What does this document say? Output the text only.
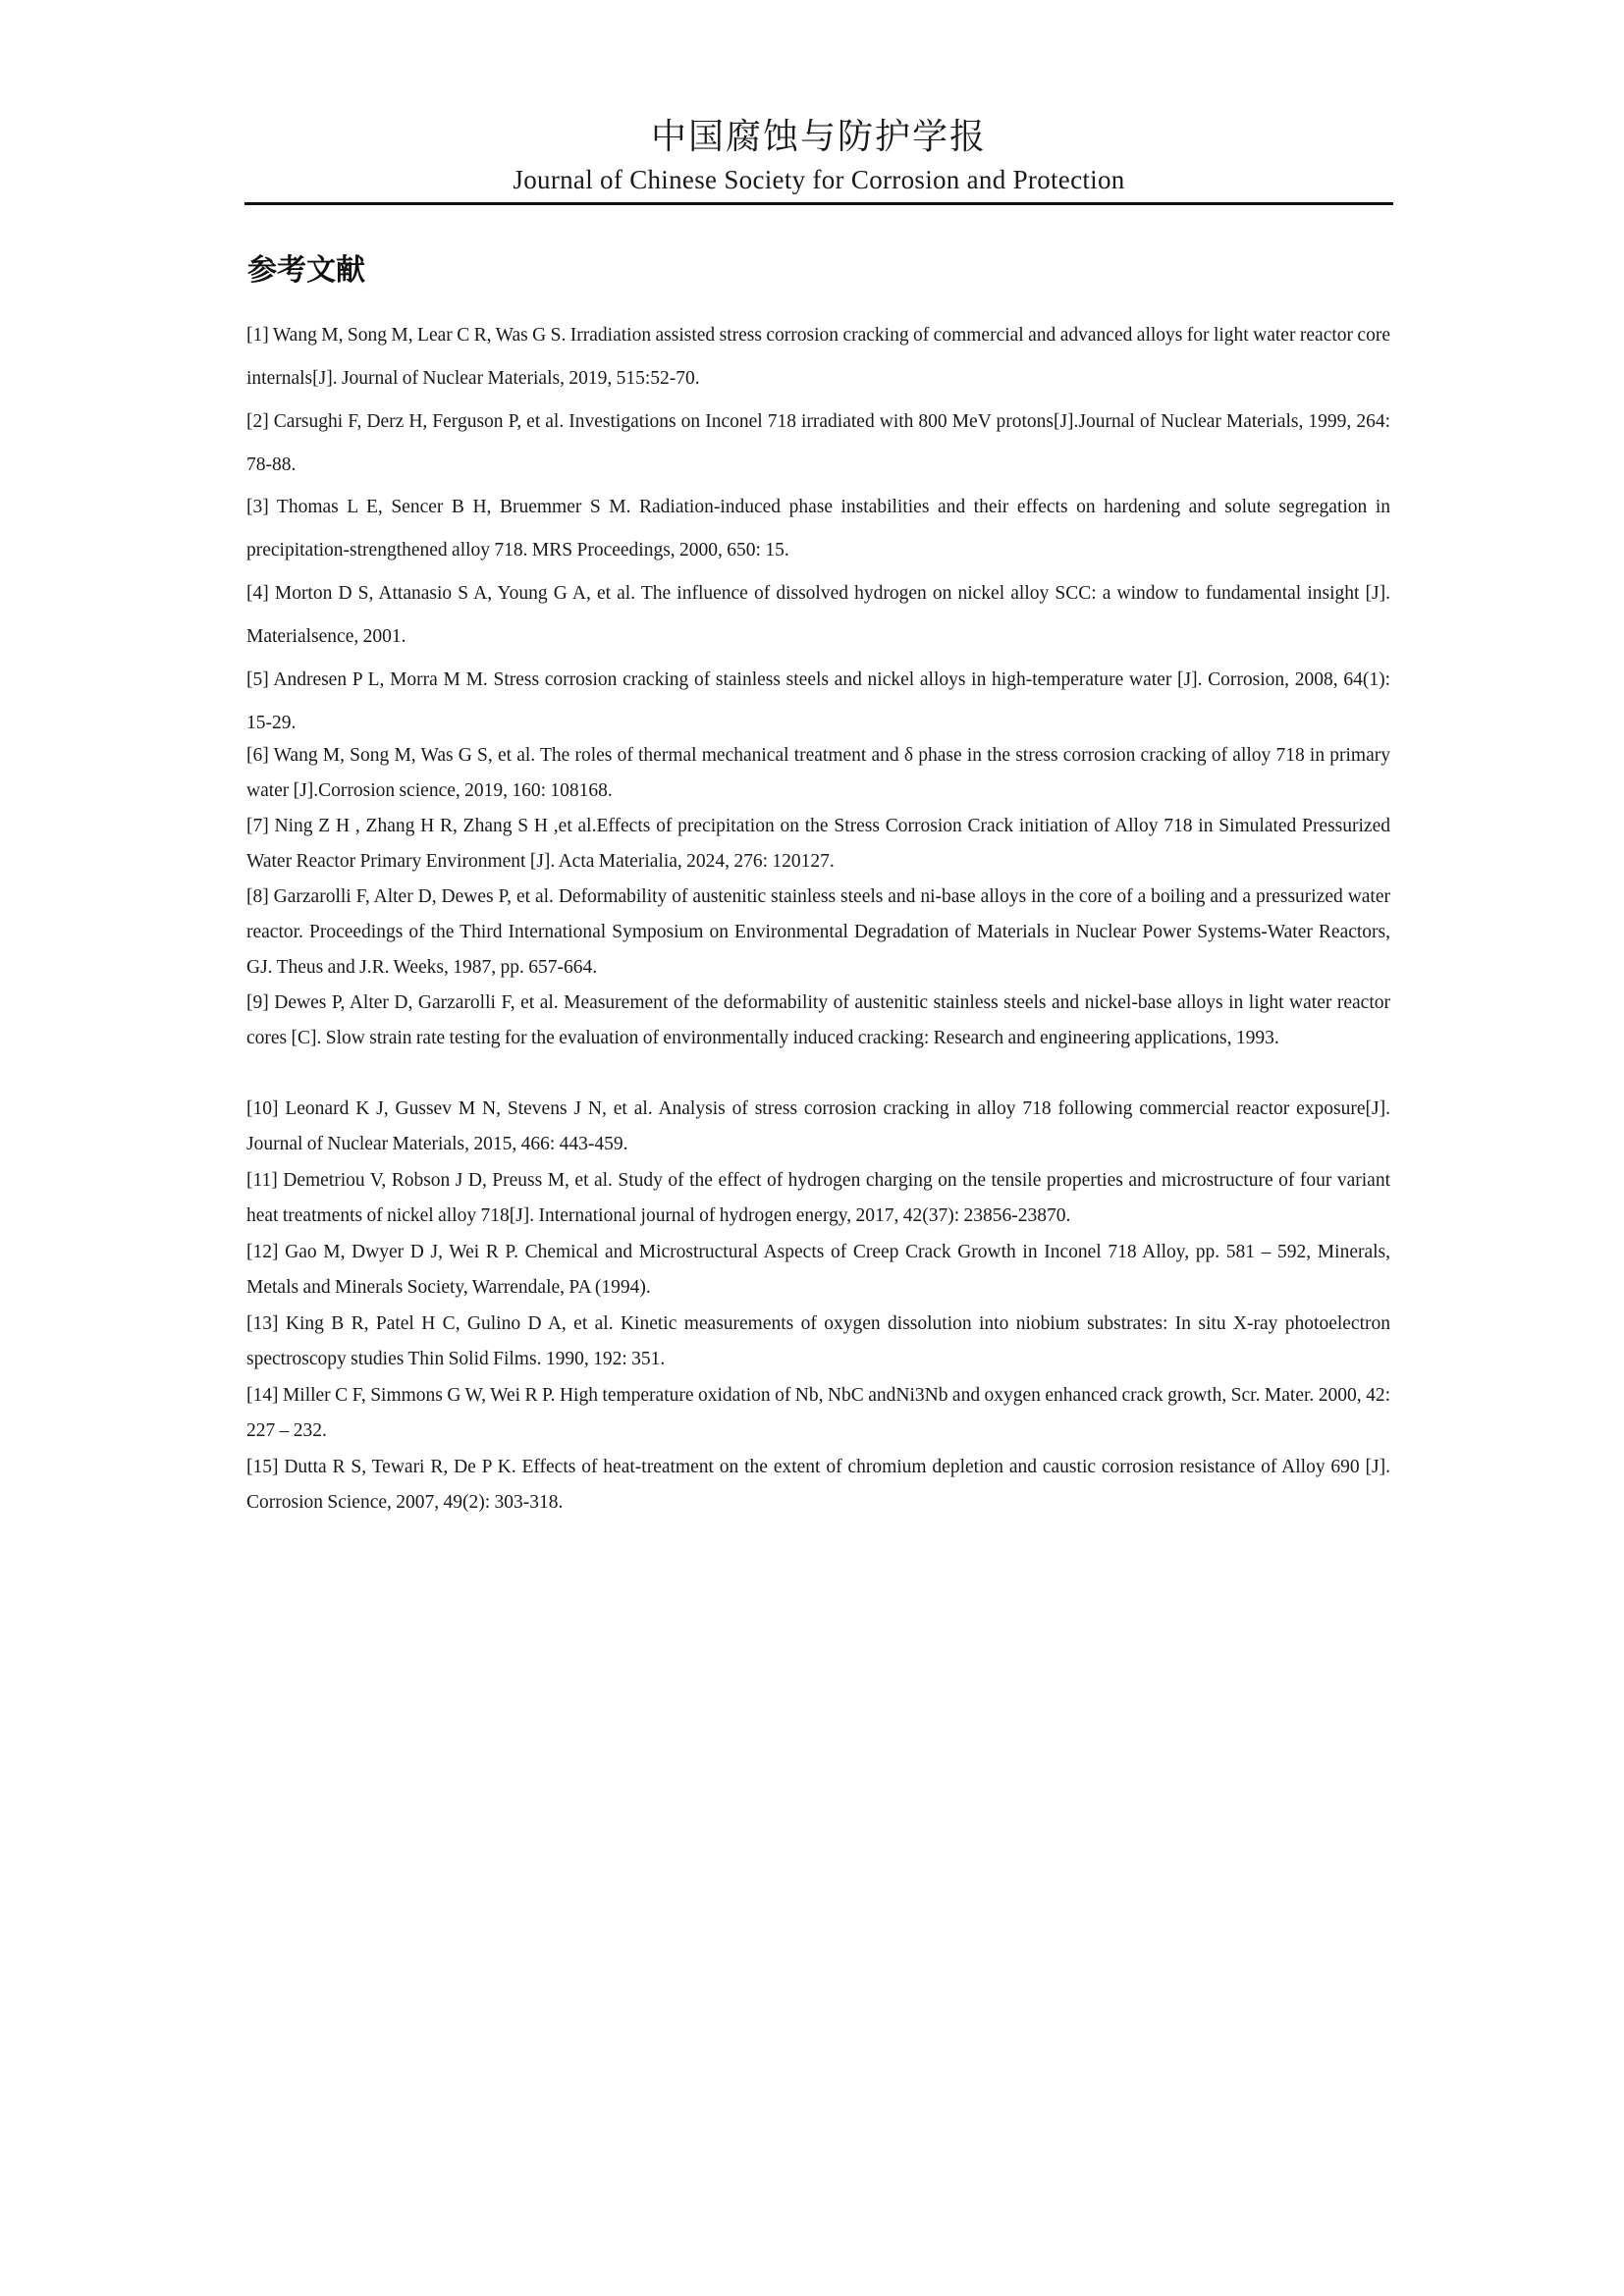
中国腐蚀与防护学报
Journal of Chinese Society for Corrosion and Protection
参考文献
[1] Wang M, Song M, Lear C R, Was G S. Irradiation assisted stress corrosion cracking of commercial and advanced alloys for light water reactor core internals[J]. Journal of Nuclear Materials, 2019, 515:52-70.
[2] Carsughi F, Derz H, Ferguson P, et al. Investigations on Inconel 718 irradiated with 800 MeV protons[J].Journal of Nuclear Materials, 1999, 264: 78-88.
[3] Thomas L E, Sencer B H, Bruemmer S M. Radiation-induced phase instabilities and their effects on hardening and solute segregation in precipitation-strengthened alloy 718. MRS Proceedings, 2000, 650: 15.
[4] Morton D S, Attanasio S A, Young G A, et al. The influence of dissolved hydrogen on nickel alloy SCC: a window to fundamental insight [J]. Materialsence, 2001.
[5] Andresen P L, Morra M M. Stress corrosion cracking of stainless steels and nickel alloys in high-temperature water [J]. Corrosion, 2008, 64(1): 15-29.
[6] Wang M, Song M, Was G S, et al. The roles of thermal mechanical treatment and δ phase in the stress corrosion cracking of alloy 718 in primary water [J].Corrosion science, 2019, 160: 108168.
[7] Ning Z H , Zhang H R, Zhang S H ,et al.Effects of precipitation on the Stress Corrosion Crack initiation of Alloy 718 in Simulated Pressurized Water Reactor Primary Environment [J]. Acta Materialia, 2024, 276: 120127.
[8] Garzarolli F, Alter D, Dewes P, et al. Deformability of austenitic stainless steels and ni-base alloys in the core of a boiling and a pressurized water reactor. Proceedings of the Third International Symposium on Environmental Degradation of Materials in Nuclear Power Systems-Water Reactors, GJ. Theus and J.R. Weeks, 1987, pp. 657-664.
[9] Dewes P, Alter D, Garzarolli F, et al. Measurement of the deformability of austenitic stainless steels and nickel-base alloys in light water reactor cores [C]. Slow strain rate testing for the evaluation of environmentally induced cracking: Research and engineering applications, 1993.
[10] Leonard K J, Gussev M N, Stevens J N, et al. Analysis of stress corrosion cracking in alloy 718 following commercial reactor exposure[J]. Journal of Nuclear Materials, 2015, 466: 443-459.
[11] Demetriou V, Robson J D, Preuss M, et al. Study of the effect of hydrogen charging on the tensile properties and microstructure of four variant heat treatments of nickel alloy 718[J]. International journal of hydrogen energy, 2017, 42(37): 23856-23870.
[12] Gao M, Dwyer D J, Wei R P. Chemical and Microstructural Aspects of Creep Crack Growth in Inconel 718 Alloy, pp. 581 – 592, Minerals, Metals and Minerals Society, Warrendale, PA (1994).
[13] King B R, Patel H C, Gulino D A, et al. Kinetic measurements of oxygen dissolution into niobium substrates: In situ X-ray photoelectron spectroscopy studies Thin Solid Films. 1990, 192: 351.
[14] Miller C F, Simmons G W, Wei R P. High temperature oxidation of Nb, NbC andNi3Nb and oxygen enhanced crack growth, Scr. Mater. 2000, 42: 227 – 232.
[15] Dutta R S, Tewari R, De P K. Effects of heat-treatment on the extent of chromium depletion and caustic corrosion resistance of Alloy 690 [J]. Corrosion Science, 2007, 49(2): 303-318.
